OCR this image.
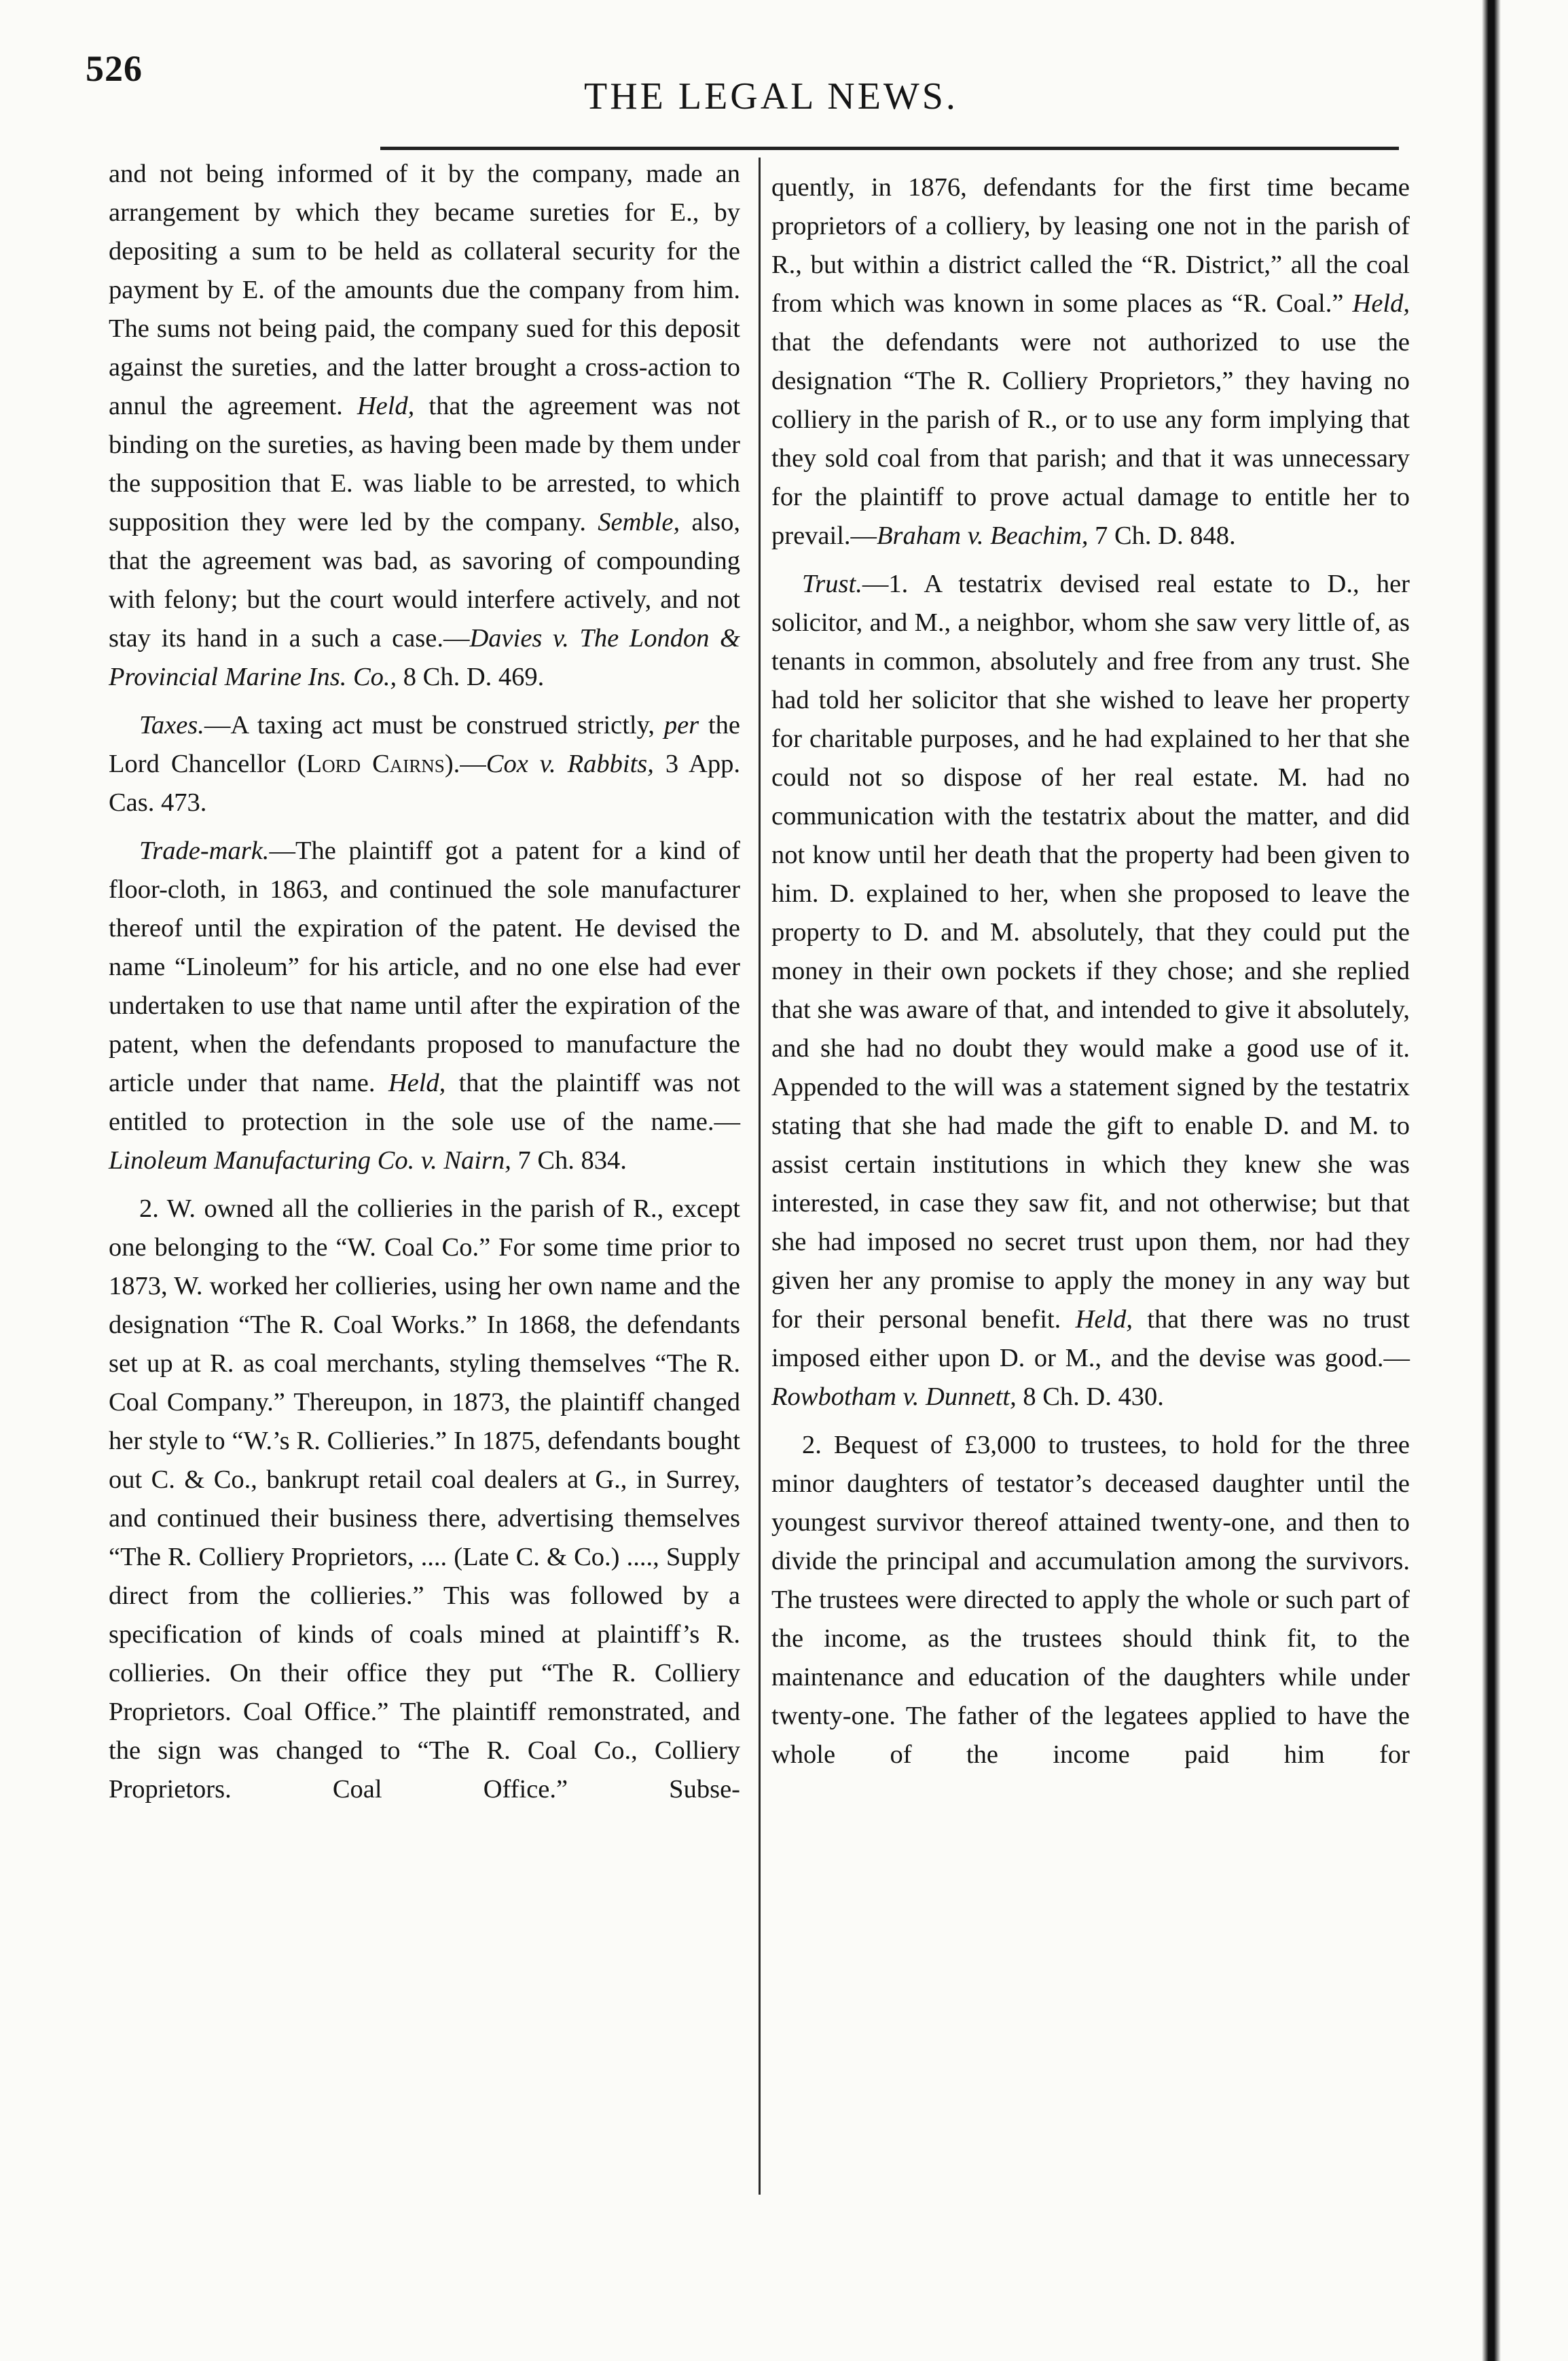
526
THE LEGAL NEWS.

and not being informed of it by the company, made an arrangement by which they became sureties for E., by depositing a sum to be held as collateral security for the payment by E. of the amounts due the company from him. The sums not being paid, the company sued for this deposit against the sureties, and the latter brought a cross-action to annul the agreement. Held, that the agreement was not binding on the sureties, as having been made by them under the supposition that E. was liable to be arrested, to which supposition they were led by the company. Semble, also, that the agreement was bad, as savoring of compounding with felony; but the court would interfere actively, and not stay its hand in a such a case.—Davies v. The London & Provincial Marine Ins. Co., 8 Ch. D. 469.

Taxes.—A taxing act must be construed strictly, per the Lord Chancellor (Lord Cairns).—Cox v. Rabbits, 3 App. Cas. 473.

Trade-mark.—The plaintiff got a patent for a kind of floor-cloth, in 1863, and continued the sole manufacturer thereof until the expiration of the patent. He devised the name “Linoleum” for his article, and no one else had ever undertaken to use that name until after the expiration of the patent, when the defendants proposed to manufacture the article under that name. Held, that the plaintiff was not entitled to protection in the sole use of the name.—Linoleum Manufacturing Co. v. Nairn, 7 Ch. 834.

2. W. owned all the collieries in the parish of R., except one belonging to the “W. Coal Co.” For some time prior to 1873, W. worked her collieries, using her own name and the designation “The R. Coal Works.” In 1868, the defendants set up at R. as coal merchants, styling themselves “The R. Coal Company.” Thereupon, in 1873, the plaintiff changed her style to “W.’s R. Collieries.” In 1875, defendants bought out C. & Co., bankrupt retail coal dealers at G., in Surrey, and continued their business there, advertising themselves “The R. Colliery Proprietors, .... (Late C. & Co.) ...., Supply direct from the collieries.” This was followed by a specification of kinds of coals mined at plaintiff’s R. collieries. On their office they put “The R. Colliery Proprietors. Coal Office.” The plaintiff remonstrated, and the sign was changed to “The R. Coal Co., Colliery Proprietors. Coal Office.” Subse-

quently, in 1876, defendants for the first time became proprietors of a colliery, by leasing one not in the parish of R., but within a district called the “R. District,” all the coal from which was known in some places as “R. Coal.” Held, that the defendants were not authorized to use the designation “The R. Colliery Proprietors,” they having no colliery in the parish of R., or to use any form implying that they sold coal from that parish; and that it was unnecessary for the plaintiff to prove actual damage to entitle her to prevail.—Braham v. Beachim, 7 Ch. D. 848.

Trust.—1. A testatrix devised real estate to D., her solicitor, and M., a neighbor, whom she saw very little of, as tenants in common, absolutely and free from any trust. She had told her solicitor that she wished to leave her property for charitable purposes, and he had explained to her that she could not so dispose of her real estate. M. had no communication with the testatrix about the matter, and did not know until her death that the property had been given to him. D. explained to her, when she proposed to leave the property to D. and M. absolutely, that they could put the money in their own pockets if they chose; and she replied that she was aware of that, and intended to give it absolutely, and she had no doubt they would make a good use of it. Appended to the will was a statement signed by the testatrix stating that she had made the gift to enable D. and M. to assist certain institutions in which they knew she was interested, in case they saw fit, and not otherwise; but that she had imposed no secret trust upon them, nor had they given her any promise to apply the money in any way but for their personal benefit. Held, that there was no trust imposed either upon D. or M., and the devise was good.—Rowbotham v. Dunnett, 8 Ch. D. 430.

2. Bequest of £3,000 to trustees, to hold for the three minor daughters of testator’s deceased daughter until the youngest survivor thereof attained twenty-one, and then to divide the principal and accumulation among the survivors. The trustees were directed to apply the whole or such part of the income, as the trustees should think fit, to the maintenance and education of the daughters while under twenty-one. The father of the legatees applied to have the whole of the income paid him for
